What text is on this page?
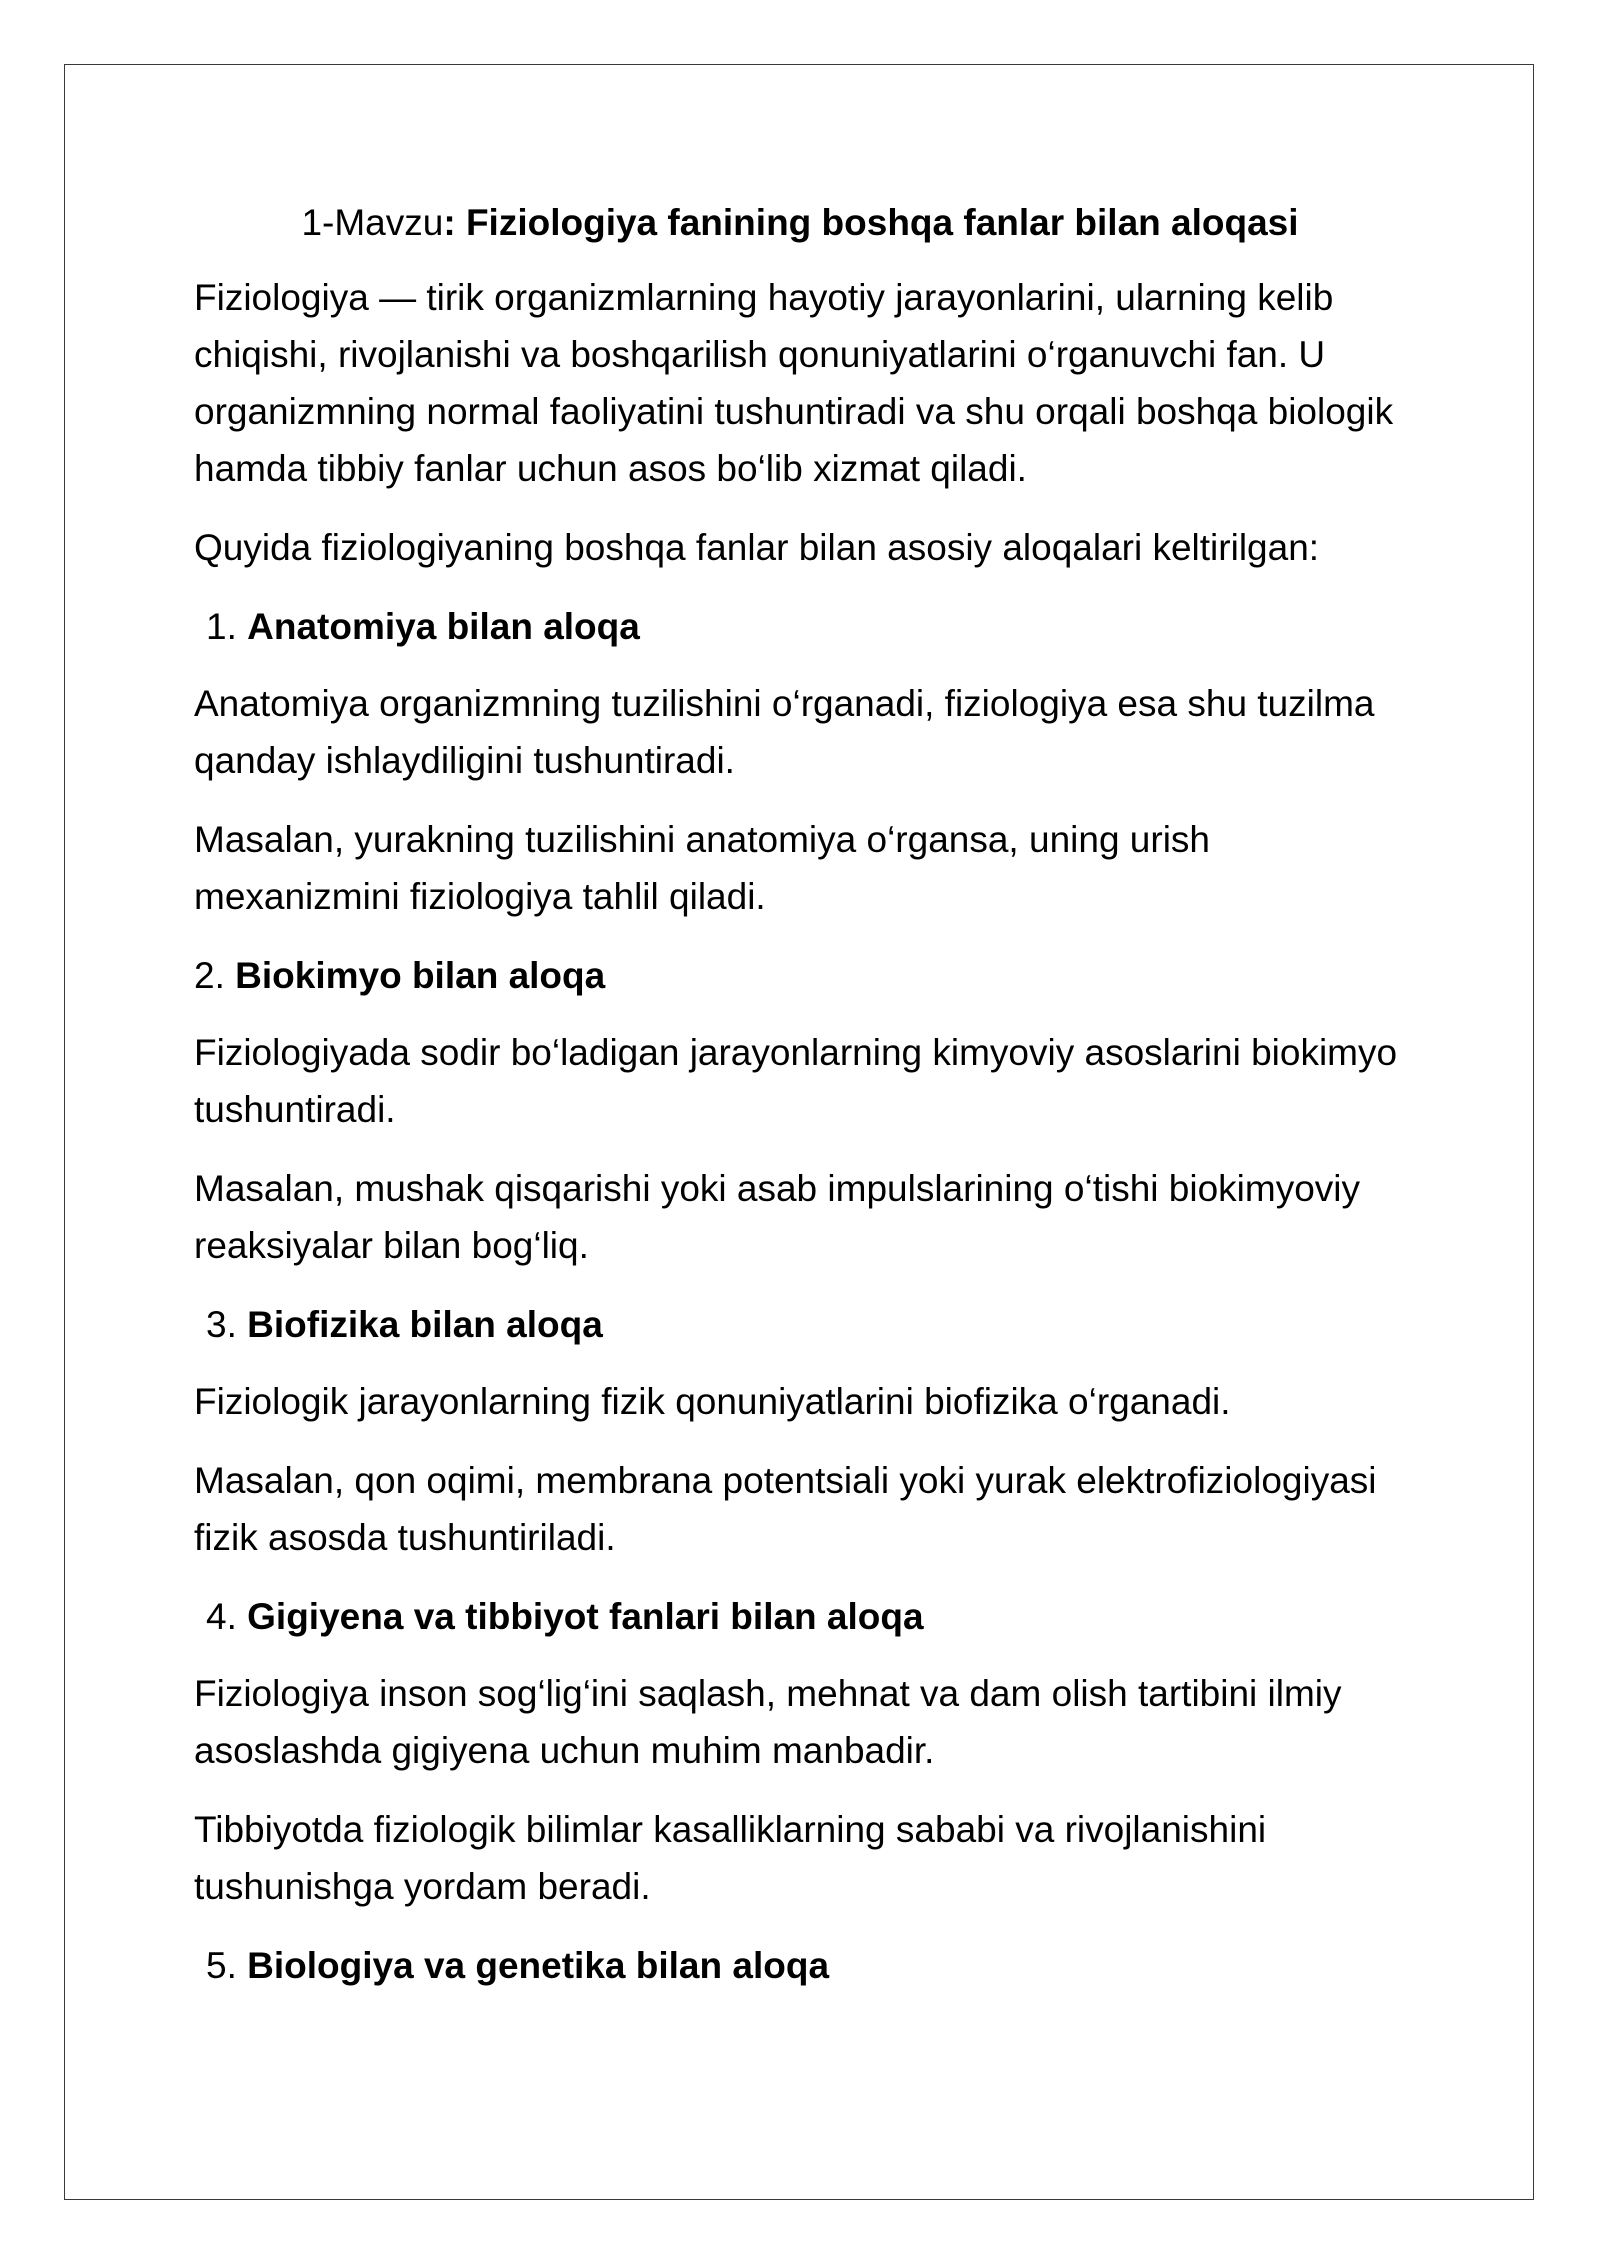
1-Mavzu: Fiziologiya fanining boshqa fanlar bilan aloqasi

Fiziologiya — tirik organizmlarning hayotiy jarayonlarini, ularning kelib chiqishi, rivojlanishi va boshqarilish qonuniyatlarini o‘rganuvchi fan. U organizmning normal faoliyatini tushuntiradi va shu orqali boshqa biologik hamda tibbiy fanlar uchun asos bo‘lib xizmat qiladi.

Quyida fiziologiyaning boshqa fanlar bilan asosiy aloqalari keltirilgan:

1. Anatomiya bilan aloqa

Anatomiya organizmning tuzilishini o‘rganadi, fiziologiya esa shu tuzilma qanday ishlaydiligini tushuntiradi.

Masalan, yurakning tuzilishini anatomiya o‘rgansa, uning urish mexanizmini fiziologiya tahlil qiladi.

2. Biokimyo bilan aloqa

Fiziologiyada sodir bo‘ladigan jarayonlarning kimyoviy asoslarini biokimyo tushuntiradi.

Masalan, mushak qisqarishi yoki asab impulslarining o‘tishi biokimyoviy reaksiyalar bilan bog‘liq.

3. Biofizika bilan aloqa

Fiziologik jarayonlarning fizik qonuniyatlarini biofizika o‘rganadi.

Masalan, qon oqimi, membrana potentsiali yoki yurak elektrofiziologiyasi fizik asosda tushuntiriladi.

4. Gigiyena va tibbiyot fanlari bilan aloqa

Fiziologiya inson sog‘lig‘ini saqlash, mehnat va dam olish tartibini ilmiy asoslashda gigiyena uchun muhim manbadir.

Tibbiyotda fiziologik bilimlar kasalliklarning sababi va rivojlanishini tushunishga yordam beradi.

5. Biologiya va genetika bilan aloqa
